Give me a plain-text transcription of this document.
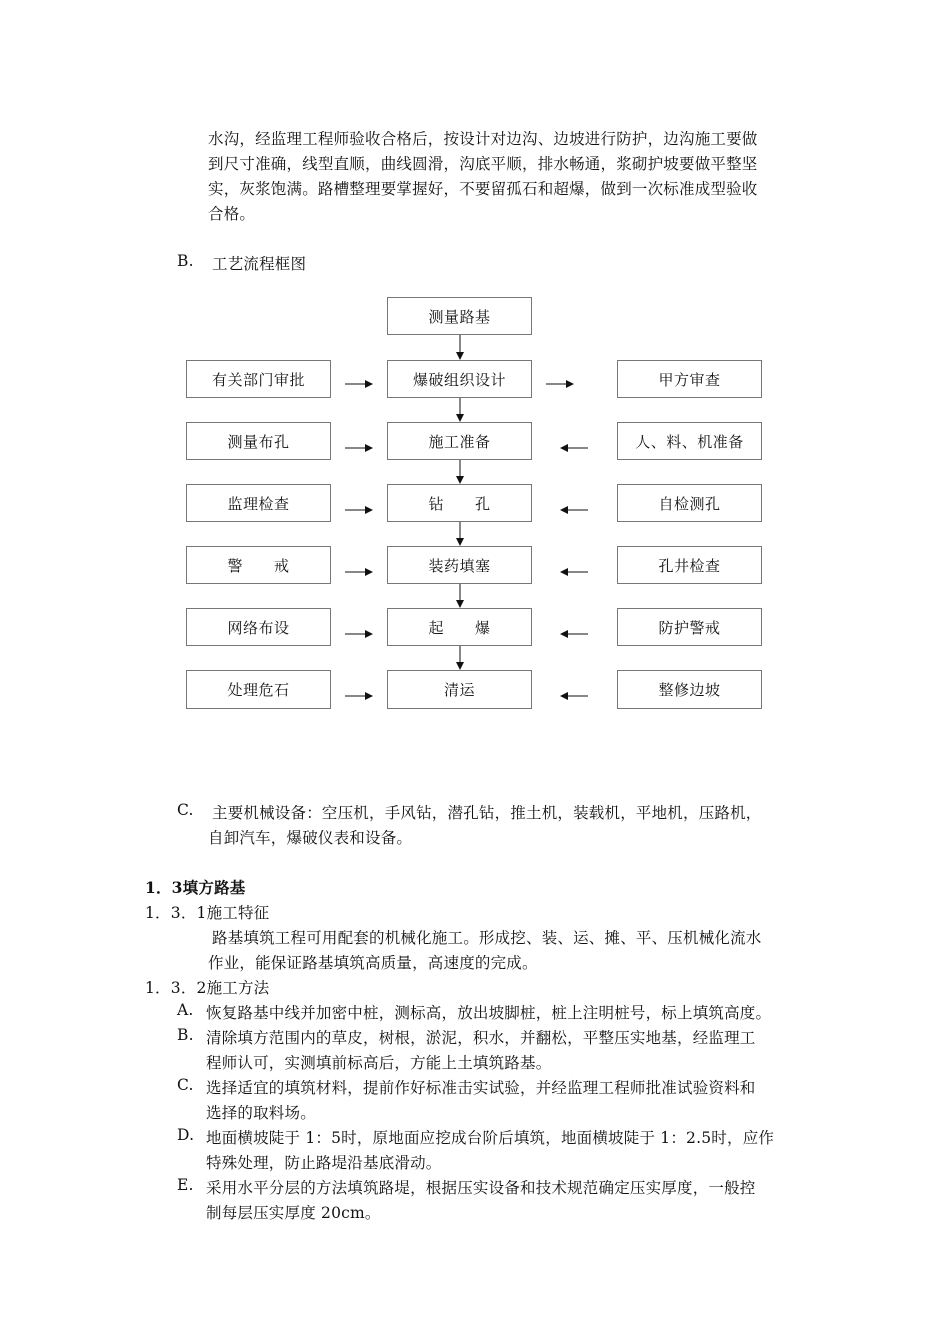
水沟，经监理工程师验收合格后，按设计对边沟、边坡进行防护，边沟施工要做
到尺寸准确，线型直顺，曲线圆滑，沟底平顺，排水畅通，浆砌护坡要做平整坚
实，灰浆饱满。路槽整理要掌握好，不要留孤石和超爆，做到一次标准成型验收
合格。
B. 工艺流程框图
测量路基
爆破组织设计
施工准备
钻　　孔
装药填塞
起　　爆
清运
有关部门审批
测量布孔
监理检查
警　　戒
网络布设
处理危石
甲方审查
人、料、机准备
自检测孔
孔井检查
防护警戒
整修边坡
C. 主要机械设备：空压机，手风钻，潜孔钻，推土机，装载机，平地机，压路机，
自卸汽车，爆破仪表和设备。
1．3填方路基
1．3．1施工特征
路基填筑工程可用配套的机械化施工。形成挖、装、运、摊、平、压机械化流水
作业，能保证路基填筑高质量，高速度的完成。
1．3．2施工方法
A. 恢复路基中线并加密中桩，测标高，放出坡脚桩，桩上注明桩号，标上填筑高度。
B. 清除填方范围内的草皮，树根，淤泥，积水，并翻松，平整压实地基，经监理工
程师认可，实测填前标高后，方能上土填筑路基。
C. 选择适宜的填筑材料，提前作好标准击实试验，并经监理工程师批准试验资料和
选择的取料场。
D. 地面横坡陡于 1：5时，原地面应挖成台阶后填筑，地面横坡陡于 1：2.5时，应作
特殊处理，防止路堤沿基底滑动。
E. 采用水平分层的方法填筑路堤，根据压实设备和技术规范确定压实厚度，一般控
制每层压实厚度 20cm。
